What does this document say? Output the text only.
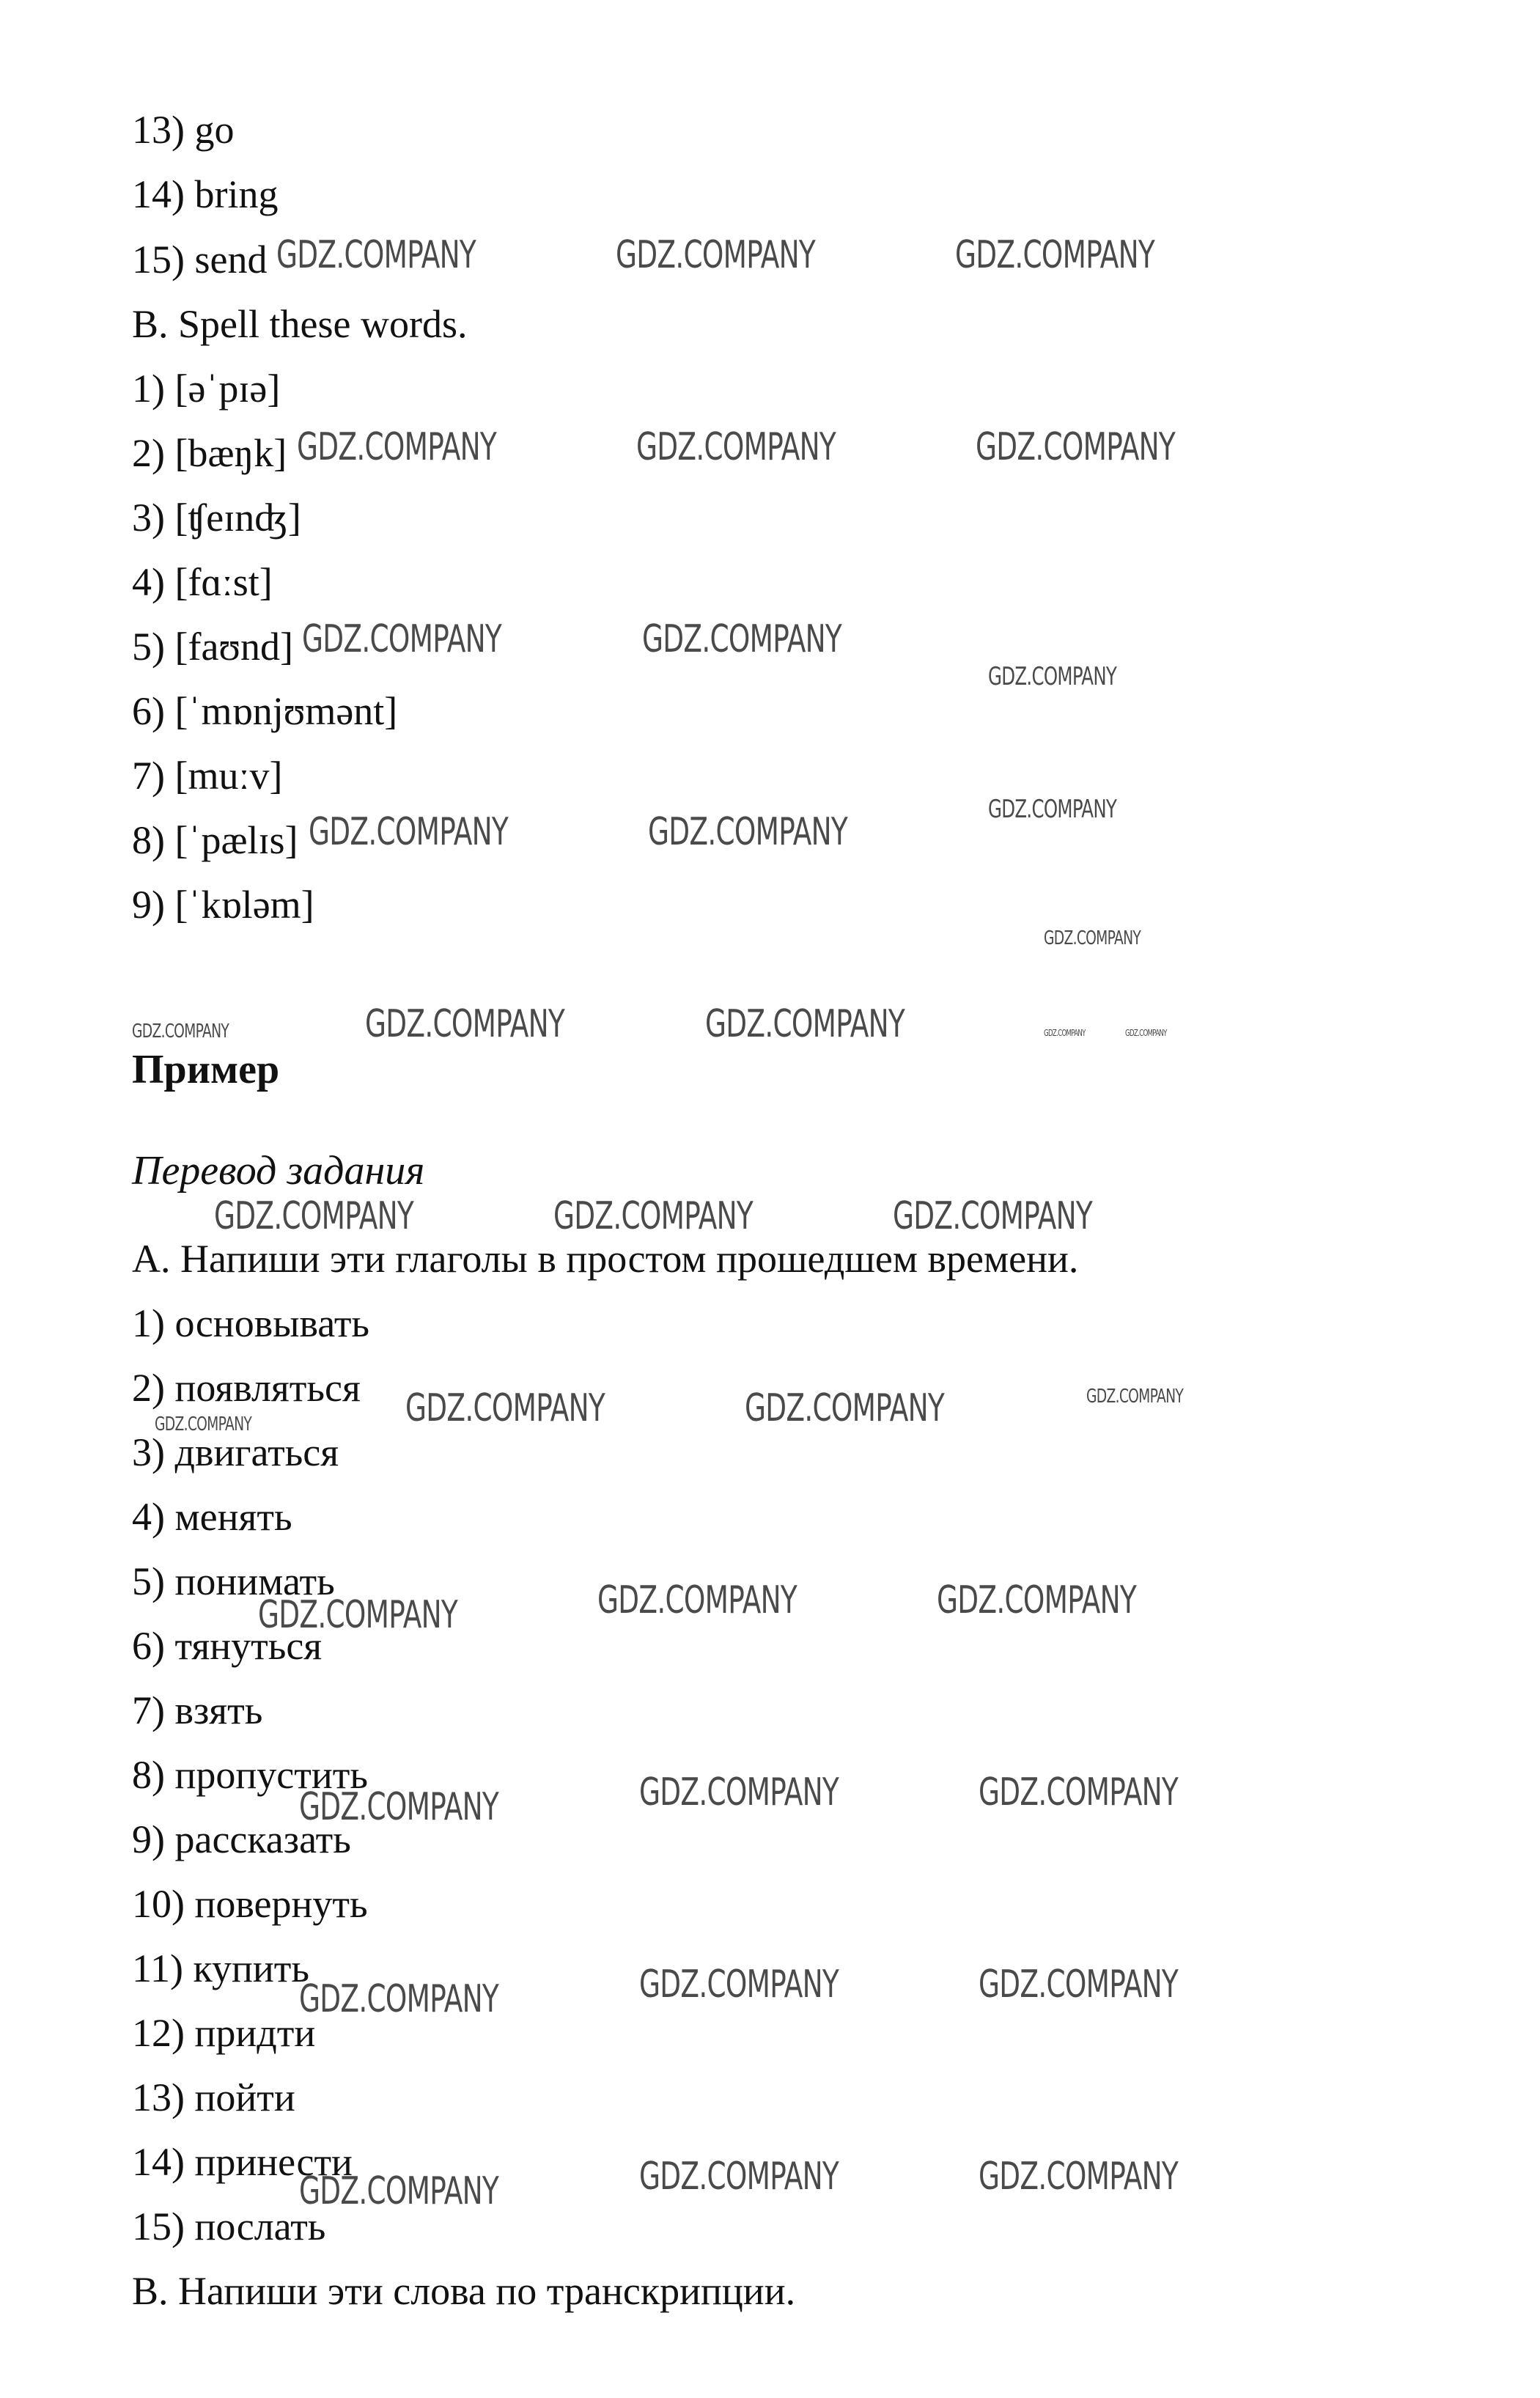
13) go
14) bring
15) send
B. Spell these words.
1) [əˈpɪə]
2) [bæŋk]
3) [ʧeɪnʤ]
4) [fɑːst]
5) [faʊnd]
6) [ˈmɒnjʊmənt]
7) [muːv]
8) [ˈpælɪs]
9) [ˈkɒləm]
Пример
Перевод задания
А. Напиши эти глаголы в простом прошедшем времени.
1) основывать
2) появляться
3) двигаться
4) менять
5) понимать
6) тянуться
7) взять
8) пропустить
9) рассказать
10) повернуть
11) купить
12) придти
13) пойти
14) принести
15) послать
В. Напиши эти слова по транскрипции.
GDZ.COMPANY	GDZ.COMPANY	GDZ.COMPANY
GDZ.COMPANY	GDZ.COMPANY	GDZ.COMPANY
GDZ.COMPANY	GDZ.COMPANY
GDZ.COMPANY
GDZ.COMPANY	GDZ.COMPANY
GDZ.COMPANY
GDZ.COMPANY
GDZ.COMPANY	GDZ.COMPANY	GDZ.COMPANY	GDZ.COMPANY	GDZ.COMPANY
GDZ.COMPANY	GDZ.COMPANY	GDZ.COMPANY
GDZ.COMPANY	GDZ.COMPANY	GDZ.COMPANY	GDZ.COMPANY
GDZ.COMPANY	GDZ.COMPANY	GDZ.COMPANY
GDZ.COMPANY	GDZ.COMPANY	GDZ.COMPANY
GDZ.COMPANY	GDZ.COMPANY	GDZ.COMPANY
GDZ.COMPANY	GDZ.COMPANY	GDZ.COMPANY
